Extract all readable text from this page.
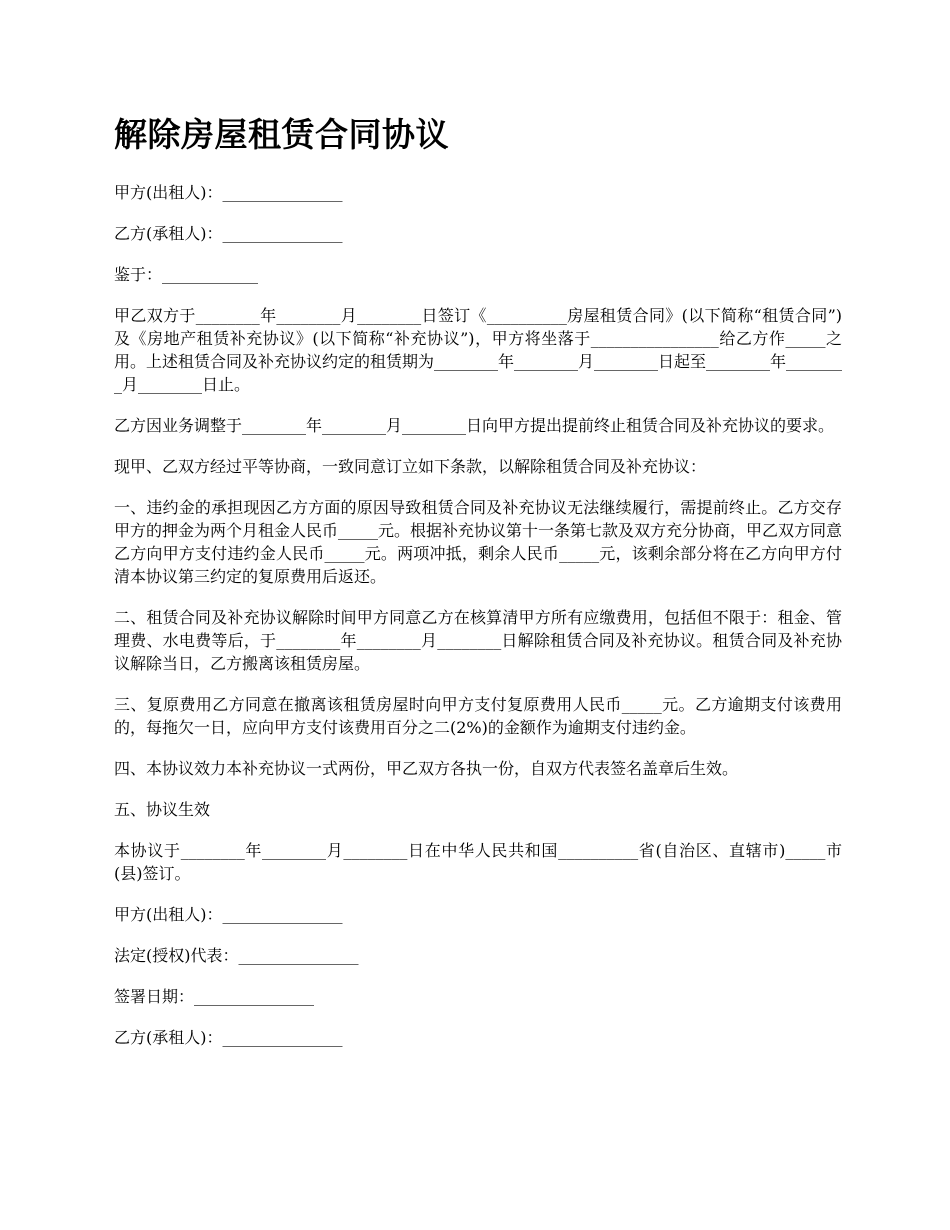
解除房屋租赁合同协议

甲方(出租人)：_______________

乙方(承租人)：_______________

鉴于：____________

甲乙双方于________年________月________日签订《__________房屋租赁合同》(以下简称“租赁合同”)及《房地产租赁补充协议》(以下简称“补充协议”)，甲方将坐落于________________给乙方作_____之用。上述租赁合同及补充协议约定的租赁期为________年________月________日起至________年________月________日止。

乙方因业务调整于________年________月________日向甲方提出提前终止租赁合同及补充协议的要求。

现甲、乙双方经过平等协商，一致同意订立如下条款，以解除租赁合同及补充协议：

一、违约金的承担现因乙方方面的原因导致租赁合同及补充协议无法继续履行，需提前终止。乙方交存甲方的押金为两个月租金人民币_____元。根据补充协议第十一条第七款及双方充分协商，甲乙双方同意乙方向甲方支付违约金人民币_____元。两项冲抵，剩余人民币_____元，该剩余部分将在乙方向甲方付清本协议第三约定的复原费用后返还。

二、租赁合同及补充协议解除时间甲方同意乙方在核算清甲方所有应缴费用，包括但不限于：租金、管理费、水电费等后，于________年________月________日解除租赁合同及补充协议。租赁合同及补充协议解除当日，乙方搬离该租赁房屋。

三、复原费用乙方同意在撤离该租赁房屋时向甲方支付复原费用人民币_____元。乙方逾期支付该费用的，每拖欠一日，应向甲方支付该费用百分之二(2%)的金额作为逾期支付违约金。

四、本协议效力本补充协议一式两份，甲乙双方各执一份，自双方代表签名盖章后生效。

五、协议生效

本协议于________年________月________日在中华人民共和国__________省(自治区、直辖市)_____市(县)签订。

甲方(出租人)：_______________

法定(授权)代表：_______________

签署日期：_______________

乙方(承租人)：_______________
